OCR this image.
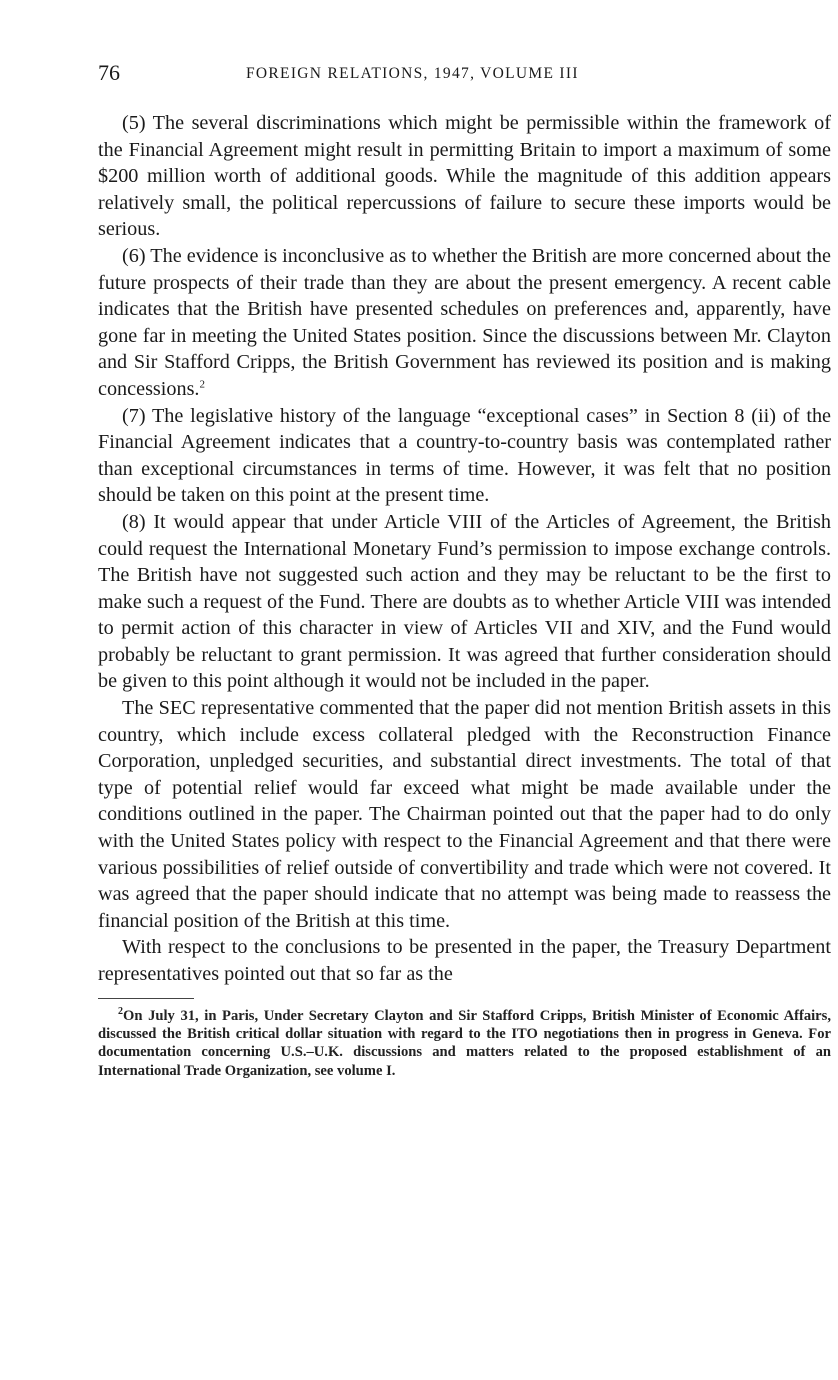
76	FOREIGN RELATIONS, 1947, VOLUME III

(5) The several discriminations which might be permissible within the framework of the Financial Agreement might result in permitting Britain to import a maximum of some $200 million worth of additional goods. While the magnitude of this addition appears relatively small, the political repercussions of failure to secure these imports would be serious.

(6) The evidence is inconclusive as to whether the British are more concerned about the future prospects of their trade than they are about the present emergency. A recent cable indicates that the British have presented schedules on preferences and, apparently, have gone far in meeting the United States position. Since the discussions between Mr. Clayton and Sir Stafford Cripps, the British Government has reviewed its position and is making concessions.$^2$

(7) The legislative history of the language “exceptional cases” in Section 8 (ii) of the Financial Agreement indicates that a country-to-country basis was contemplated rather than exceptional circumstances in terms of time. However, it was felt that no position should be taken on this point at the present time.

(8) It would appear that under Article VIII of the Articles of Agreement, the British could request the International Monetary Fund’s permission to impose exchange controls. The British have not suggested such action and they may be reluctant to be the first to make such a request of the Fund. There are doubts as to whether Article VIII was intended to permit action of this character in view of Articles VII and XIV, and the Fund would probably be reluctant to grant permission. It was agreed that further consideration should be given to this point although it would not be included in the paper.

The SEC representative commented that the paper did not mention British assets in this country, which include excess collateral pledged with the Reconstruction Finance Corporation, unpledged securities, and substantial direct investments. The total of that type of potential relief would far exceed what might be made available under the conditions outlined in the paper. The Chairman pointed out that the paper had to do only with the United States policy with respect to the Financial Agreement and that there were various possibilities of relief outside of convertibility and trade which were not covered. It was agreed that the paper should indicate that no attempt was being made to reassess the financial position of the British at this time.

With respect to the conclusions to be presented in the paper, the Treasury Department representatives pointed out that so far as the

$^2$On July 31, in Paris, Under Secretary Clayton and Sir Stafford Cripps, British Minister of Economic Affairs, discussed the British critical dollar situation with regard to the ITO negotiations then in progress in Geneva. For documentation concerning U.S.–U.K. discussions and matters related to the proposed establishment of an International Trade Organization, see volume I.
